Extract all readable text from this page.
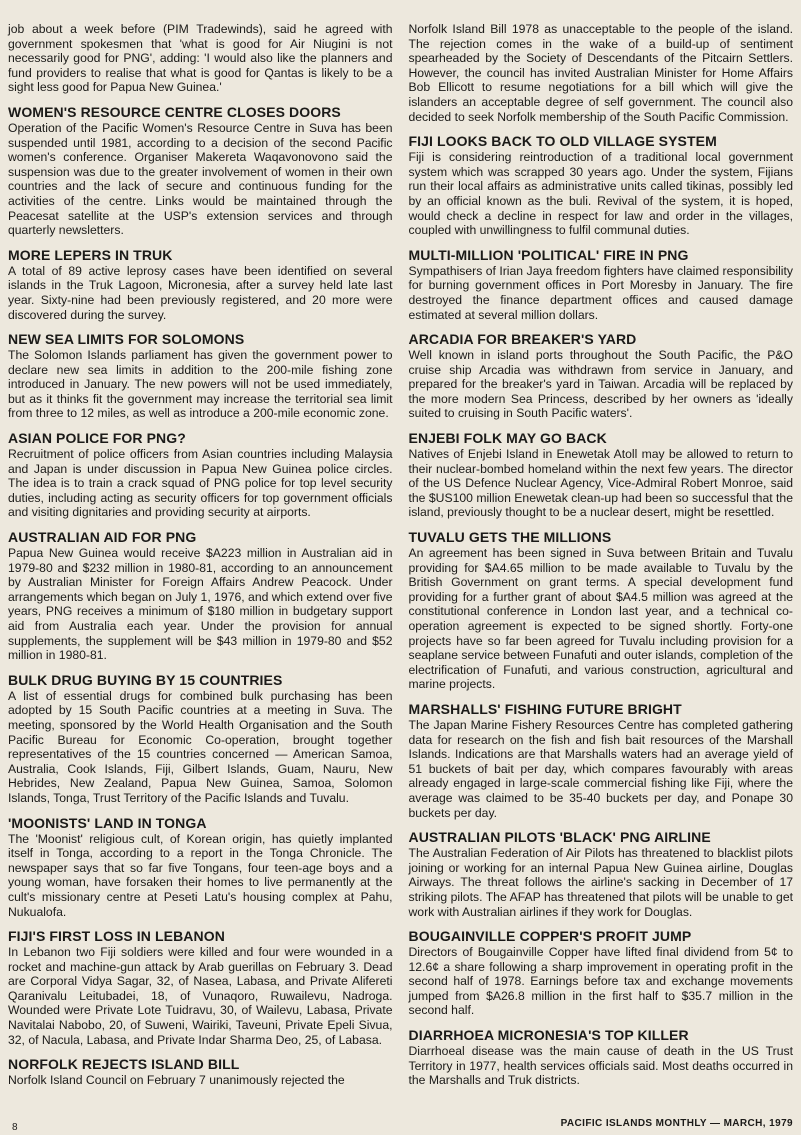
job about a week before (PIM Tradewinds), said he agreed with government spokesmen that 'what is good for Air Niugini is not necessarily good for PNG', adding: 'I would also like the planners and fund providers to realise that what is good for Qantas is likely to be a sight less good for Papua New Guinea.'

WOMEN'S RESOURCE CENTRE CLOSES DOORS

Operation of the Pacific Women's Resource Centre in Suva has been suspended until 1981, according to a decision of the second Pacific women's conference. Organiser Makereta Waqavonovono said the suspension was due to the greater involvement of women in their own countries and the lack of secure and continuous funding for the activities of the centre. Links would be maintained through the Peacesat satellite at the USP's extension services and through quarterly newsletters.

MORE LEPERS IN TRUK

A total of 89 active leprosy cases have been identified on several islands in the Truk Lagoon, Micronesia, after a survey held late last year. Sixty-nine had been previously registered, and 20 more were discovered during the survey.

NEW SEA LIMITS FOR SOLOMONS

The Solomon Islands parliament has given the government power to declare new sea limits in addition to the 200-mile fishing zone introduced in January. The new powers will not be used immediately, but as it thinks fit the government may increase the territorial sea limit from three to 12 miles, as well as introduce a 200-mile economic zone.

ASIAN POLICE FOR PNG?

Recruitment of police officers from Asian countries including Malaysia and Japan is under discussion in Papua New Guinea police circles. The idea is to train a crack squad of PNG police for top level security duties, including acting as security officers for top government officials and visiting dignitaries and providing security at airports.

AUSTRALIAN AID FOR PNG

Papua New Guinea would receive $A223 million in Australian aid in 1979-80 and $232 million in 1980-81, according to an announcement by Australian Minister for Foreign Affairs Andrew Peacock. Under arrangements which began on July 1, 1976, and which extend over five years, PNG receives a minimum of $180 million in budgetary support aid from Australia each year. Under the provision for annual supplements, the supplement will be $43 million in 1979-80 and $52 million in 1980-81.

BULK DRUG BUYING BY 15 COUNTRIES

A list of essential drugs for combined bulk purchasing has been adopted by 15 South Pacific countries at a meeting in Suva. The meeting, sponsored by the World Health Organisation and the South Pacific Bureau for Economic Co-operation, brought together representatives of the 15 countries concerned — American Samoa, Australia, Cook Islands, Fiji, Gilbert Islands, Guam, Nauru, New Hebrides, New Zealand, Papua New Guinea, Samoa, Solomon Islands, Tonga, Trust Territory of the Pacific Islands and Tuvalu.

'MOONISTS' LAND IN TONGA

The 'Moonist' religious cult, of Korean origin, has quietly implanted itself in Tonga, according to a report in the Tonga Chronicle. The newspaper says that so far five Tongans, four teen-age boys and a young woman, have forsaken their homes to live permanently at the cult's missionary centre at Peseti Latu's housing complex at Pahu, Nukualofa.

FIJI'S FIRST LOSS IN LEBANON

In Lebanon two Fiji soldiers were killed and four were wounded in a rocket and machine-gun attack by Arab guerillas on February 3. Dead are Corporal Vidya Sagar, 32, of Nasea, Labasa, and Private Alifereti Qaranivalu Leitubadei, 18, of Vunaqoro, Ruwailevu, Nadroga. Wounded were Private Lote Tuidravu, 30, of Wailevu, Labasa, Private Navitalai Nabobo, 20, of Suweni, Wairiki, Taveuni, Private Epeli Sivua, 32, of Nacula, Labasa, and Private Indar Sharma Deo, 25, of Labasa.

NORFOLK REJECTS ISLAND BILL

Norfolk Island Council on February 7 unanimously rejected the

Norfolk Island Bill 1978 as unacceptable to the people of the island. The rejection comes in the wake of a build-up of sentiment spearheaded by the Society of Descendants of the Pitcairn Settlers. However, the council has invited Australian Minister for Home Affairs Bob Ellicott to resume negotiations for a bill which will give the islanders an acceptable degree of self government. The council also decided to seek Norfolk membership of the South Pacific Commission.

FIJI LOOKS BACK TO OLD VILLAGE SYSTEM

Fiji is considering reintroduction of a traditional local government system which was scrapped 30 years ago. Under the system, Fijians run their local affairs as administrative units called tikinas, possibly led by an official known as the buli. Revival of the system, it is hoped, would check a decline in respect for law and order in the villages, coupled with unwillingness to fulfil communal duties.

MULTI-MILLION 'POLITICAL' FIRE IN PNG

Sympathisers of Irian Jaya freedom fighters have claimed responsibility for burning government offices in Port Moresby in January. The fire destroyed the finance department offices and caused damage estimated at several million dollars.

ARCADIA FOR BREAKER'S YARD

Well known in island ports throughout the South Pacific, the P&O cruise ship Arcadia was withdrawn from service in January, and prepared for the breaker's yard in Taiwan. Arcadia will be replaced by the more modern Sea Princess, described by her owners as 'ideally suited to cruising in South Pacific waters'.

ENJEBI FOLK MAY GO BACK

Natives of Enjebi Island in Enewetak Atoll may be allowed to return to their nuclear-bombed homeland within the next few years. The director of the US Defence Nuclear Agency, Vice-Admiral Robert Monroe, said the $US100 million Enewetak clean-up had been so successful that the island, previously thought to be a nuclear desert, might be resettled.

TUVALU GETS THE MILLIONS

An agreement has been signed in Suva between Britain and Tuvalu providing for $A4.65 million to be made available to Tuvalu by the British Government on grant terms. A special development fund providing for a further grant of about $A4.5 million was agreed at the constitutional conference in London last year, and a technical co-operation agreement is expected to be signed shortly. Forty-one projects have so far been agreed for Tuvalu including provision for a seaplane service between Funafuti and outer islands, completion of the electrification of Funafuti, and various construction, agricultural and marine projects.

MARSHALLS' FISHING FUTURE BRIGHT

The Japan Marine Fishery Resources Centre has completed gathering data for research on the fish and fish bait resources of the Marshall Islands. Indications are that Marshalls waters had an average yield of 51 buckets of bait per day, which compares favourably with areas already engaged in large-scale commercial fishing like Fiji, where the average was claimed to be 35-40 buckets per day, and Ponape 30 buckets per day.

AUSTRALIAN PILOTS 'BLACK' PNG AIRLINE

The Australian Federation of Air Pilots has threatened to blacklist pilots joining or working for an internal Papua New Guinea airline, Douglas Airways. The threat follows the airline's sacking in December of 17 striking pilots. The AFAP has threatened that pilots will be unable to get work with Australian airlines if they work for Douglas.

BOUGAINVILLE COPPER'S PROFIT JUMP

Directors of Bougainville Copper have lifted final dividend from 5¢ to 12.6¢ a share following a sharp improvement in operating profit in the second half of 1978. Earnings before tax and exchange movements jumped from $A26.8 million in the first half to $35.7 million in the second half.

DIARRHOEA MICRONESIA'S TOP KILLER

Diarrhoeal disease was the main cause of death in the US Trust Territory in 1977, health services officials said. Most deaths occurred in the Marshalls and Truk districts.

8	PACIFIC ISLANDS MONTHLY — MARCH, 1979
